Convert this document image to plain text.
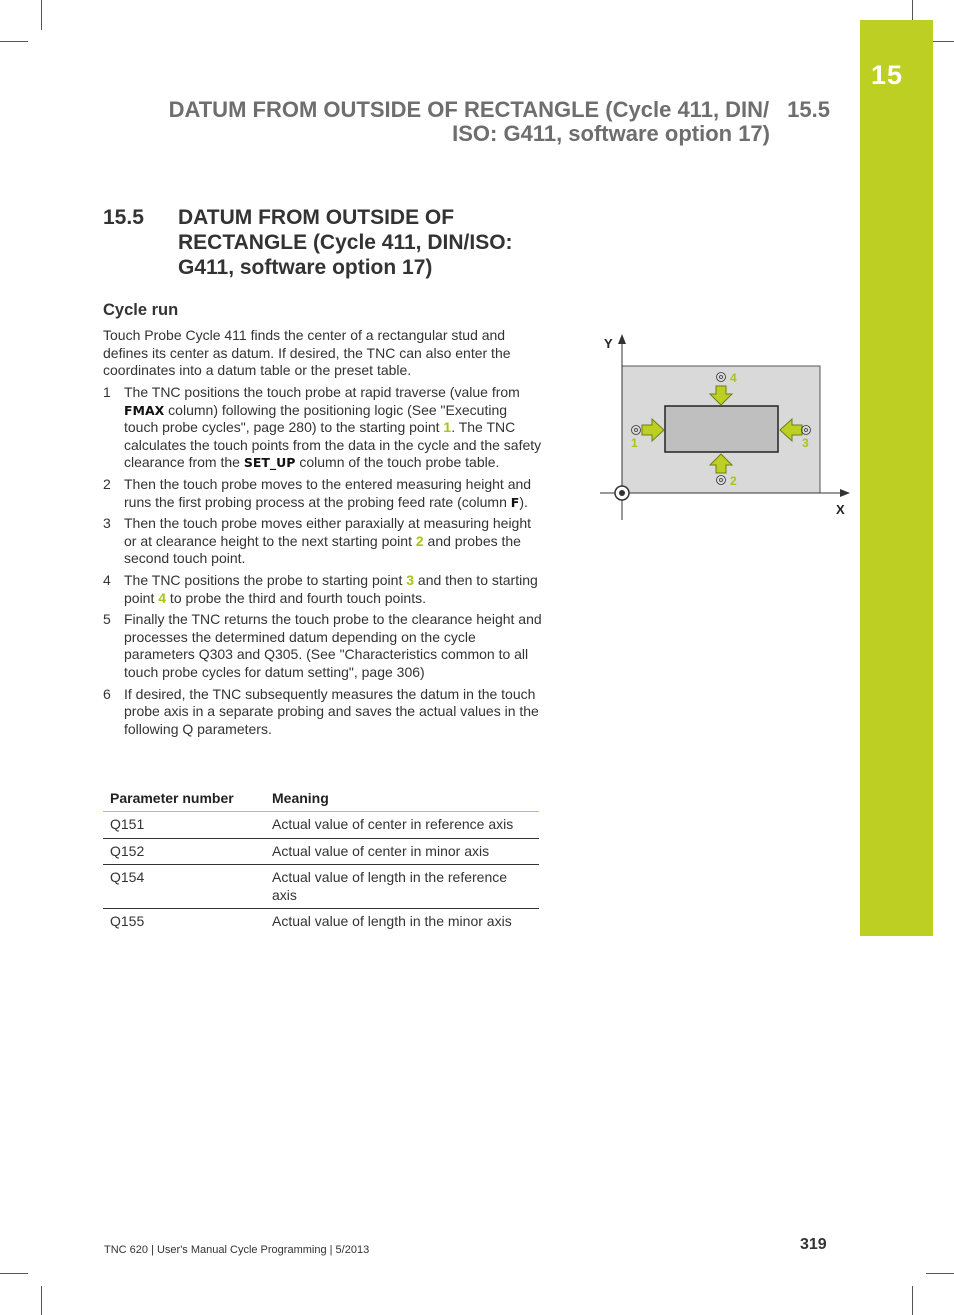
15
DATUM FROM OUTSIDE OF RECTANGLE (Cycle 411, DIN/ 15.5
ISO: G411, software option 17)
15.5 DATUM FROM OUTSIDE OF RECTANGLE (Cycle 411, DIN/ISO: G411, software option 17)
Cycle run
Touch Probe Cycle 411 finds the center of a rectangular stud and defines its center as datum. If desired, the TNC can also enter the coordinates into a datum table or the preset table.
1 The TNC positions the touch probe at rapid traverse (value from FMAX column) following the positioning logic (See "Executing touch probe cycles", page 280) to the starting point 1. The TNC calculates the touch points from the data in the cycle and the safety clearance from the SET_UP column of the touch probe table.
2 Then the touch probe moves to the entered measuring height and runs the first probing process at the probing feed rate (column F).
3 Then the touch probe moves either paraxially at measuring height or at clearance height to the next starting point 2 and probes the second touch point.
4 The TNC positions the probe to starting point 3 and then to starting point 4 to probe the third and fourth touch points.
5 Finally the TNC returns the touch probe to the clearance height and processes the determined datum depending on the cycle parameters Q303 and Q305. (See "Characteristics common to all touch probe cycles for datum setting", page 306)
6 If desired, the TNC subsequently measures the datum in the touch probe axis in a separate probing and saves the actual values in the following Q parameters.
Parameter number	Meaning
Q151	Actual value of center in reference axis
Q152	Actual value of center in minor axis
Q154	Actual value of length in the reference axis
Q155	Actual value of length in the minor axis
Y
X
1
2
3
4
TNC 620 | User's Manual Cycle Programming | 5/2013	319
